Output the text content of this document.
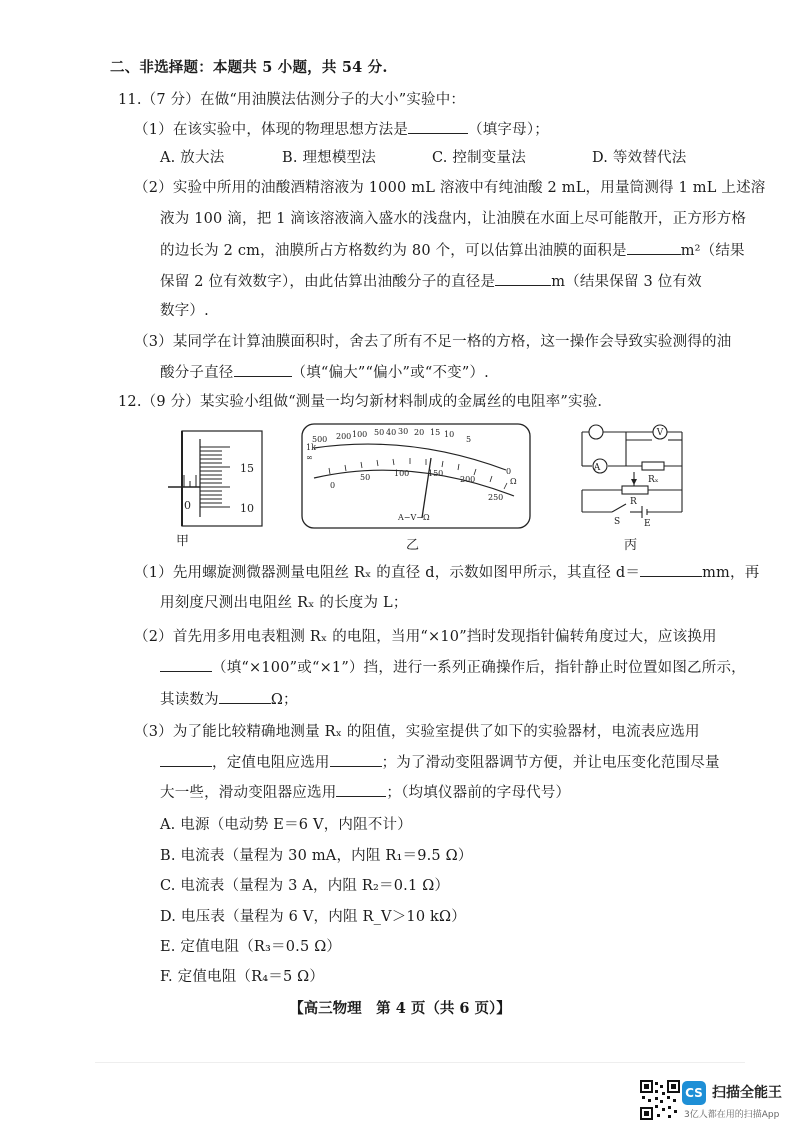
二、非选择题：本题共 5 小题，共 54 分.
11.（7 分）在做“用油膜法估测分子的大小”实验中：
（1）在该实验中，体现的物理思想方法是	（填字母）；
A. 放大法	B. 理想模型法	C. 控制变量法	D. 等效替代法
（2）实验中所用的油酸酒精溶液为 1000 mL 溶液中有纯油酸 2 mL，用量筒测得 1 mL 上述溶
液为 100 滴，把 1 滴该溶液滴入盛水的浅盘内，让油膜在水面上尽可能散开，正方形方格
的边长为 2 cm，油膜所占方格数约为 80 个，可以估算出油膜的面积是	m²（结果
保留 2 位有效数字），由此估算出油酸分子的直径是	m（结果保留 3 位有效
数字）.
（3）某同学在计算油膜面积时，舍去了所有不足一格的方格，这一操作会导致实验测得的油
酸分子直径	（填“偏大”“偏小”或“不变”）.
12.（9 分）某实验小组做“测量一均匀新材料制成的金属丝的电阻率”实验.
15
10
0
甲
500 200 100 50 40 30 20 15 10
5
1k
∞
0
50	100 150
200
250
Ω
0
A−V−Ω
乙
A
V
Rₓ
R
S	E
丙
（1）先用螺旋测微器测量电阻丝 Rₓ 的直径 d，示数如图甲所示，其直径 d＝	mm，再
用刻度尺测出电阻丝 Rₓ 的长度为 L；
（2）首先用多用电表粗测 Rₓ 的电阻，当用“×10”挡时发现指针偏转角度过大，应该换用
（填“×100”或“×1”）挡，进行一系列正确操作后，指针静止时位置如图乙所示，
其读数为	Ω；
（3）为了能比较精确地测量 Rₓ 的阻值，实验室提供了如下的实验器材，电流表应选用
，定值电阻应选用	；为了滑动变阻器调节方便，并让电压变化范围尽量
大一些，滑动变阻器应选用	；（均填仪器前的字母代号）
A. 电源（电动势 E＝6 V，内阻不计）
B. 电流表（量程为 30 mA，内阻 R₁＝9.5 Ω）
C. 电流表（量程为 3 A，内阻 R₂＝0.1 Ω）
D. 电压表（量程为 6 V，内阻 R_V＞10 kΩ）
E. 定值电阻（R₃＝0.5 Ω）
F. 定值电阻（R₄＝5 Ω）
【高三物理　第 4 页（共 6 页）】
CS 扫描全能王
3亿人都在用的扫描App
